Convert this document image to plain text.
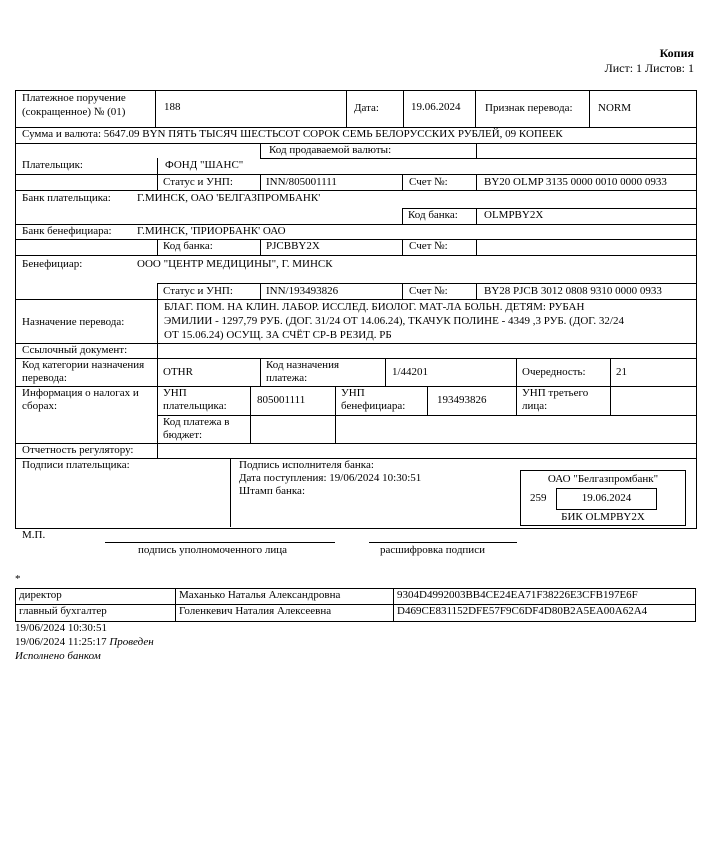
Копия
Лист: 1 Листов: 1
Платежное поручение (сокращенное) № (01)	188	Дата:	19.06.2024 Признак перевода: NORM
Сумма и валюта: 5647.09 BYN ПЯТЬ ТЫСЯЧ ШЕСТЬСОТ СОРОК СЕМЬ БЕЛОРУССКИХ РУБЛЕЙ, 09 КОПЕЕК
Код продаваемой валюты:
Плательщик:	ФОНД "ШАНС"
Статус и УНП:	INN/805001111	Счет №:	BY20 OLMP 3135 0000 0010 0000 0933
Банк плательщика: Г.МИНСК, ОАО 'БЕЛГАЗПРОМБАНК'
Код банка: OLMPBY2X
Банк бенефициара: Г.МИНСК, 'ПРИОРБАНК' ОАО
Код банка:	PJCBBY2X	Счет №:
Бенефициар:	ООО "ЦЕНТР МЕДИЦИНЫ", Г. МИНСК
Статус и УНП:	INN/193493826	Счет №:	BY28 PJCB 3012 0808 9310 0000 0933
Назначение перевода:
БЛАГ. ПОМ. НА КЛИН. ЛАБОР. ИССЛЕД. БИОЛОГ. МАТ-ЛА БОЛЬН. ДЕТЯМ: РУБАН
ЭМИЛИИ - 1297,79 РУБ. (ДОГ. 31/24 ОТ 14.06.24), ТКАЧУК ПОЛИНЕ - 4349 ,3 РУБ. (ДОГ. 32/24
ОТ 15.06.24) ОСУЩ. ЗА СЧЁТ СР-В РЕЗИД. РБ
Ссылочный документ:
Код категории назначения перевода:	OTHR
Код назначения платежа:	1/44201	Очередность:	21
Информация о налогах и сборах:
УНП плательщика:	805001111
УНП бенефициара:	193493826
УНП третьего лица:
Код платежа в бюджет:
Отчетность регулятору:
Подписи плательщика:	Подпись исполнителя банка:
Дата поступления: 19/06/2024 10:30:51
Штамп банка:
ОАО "Белгазпромбанк"
259	19.06.2024
БИК OLMPBY2X
М.П.
подпись уполномоченного лица	расшифровка подписи
*
директор	Маханько Наталья Александровна	9304D4992003BB4CE24EA71F38226E3CFB197E6F
главный бухгалтер	Голенкевич Наталия Алексеевна	D469CE831152DFE57F9C6DF4D80B2A5EA00A62A4
19/06/2024 10:30:51
19/06/2024 11:25:17 Проведен
Исполнено банком
